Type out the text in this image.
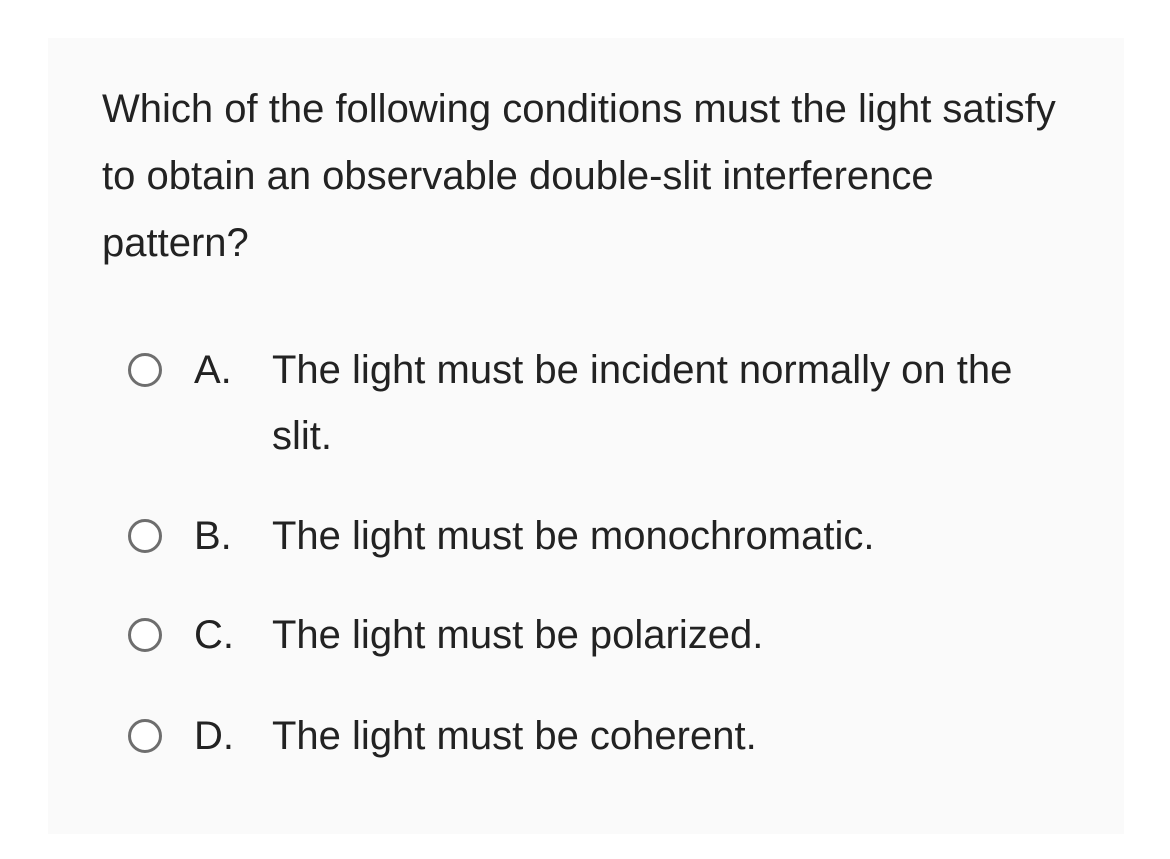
Which of the following conditions must the light satisfy to obtain an observable double-slit interference pattern?

A. The light must be incident normally on the slit.
B. The light must be monochromatic.
C. The light must be polarized.
D. The light must be coherent.
